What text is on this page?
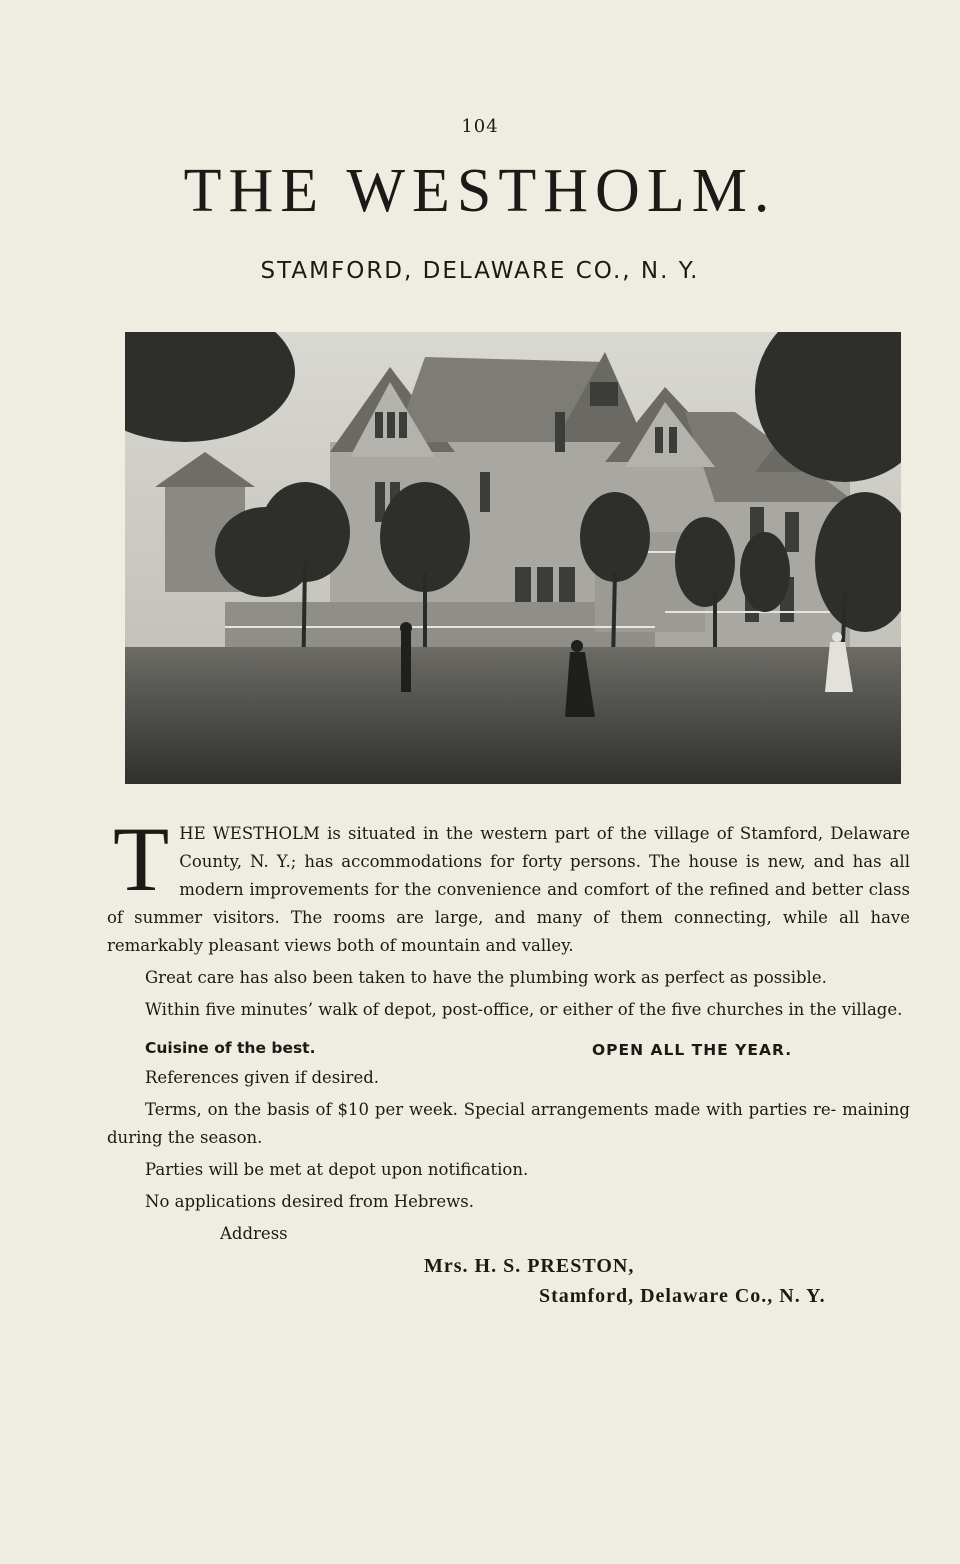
104
THE WESTHOLM.
STAMFORD, DELAWARE CO., N. Y.

THE WESTHOLM is situated in the western part of the village of Stamford, Delaware County, N. Y.; has accommodations for forty persons. The house is new, and has all modern improvements for the convenience and comfort of the refined and better class of summer visitors. The rooms are large, and many of them connecting, while all have remarkably pleasant views both of mountain and valley.

Great care has also been taken to have the plumbing work as perfect as possible.

Within five minutes’ walk of depot, post-office, or either of the five churches in the village.

Cuisine of the best.	OPEN ALL THE YEAR.

References given if desired.

Terms, on the basis of $10 per week. Special arrangements made with parties re- maining during the season.

Parties will be met at depot upon notification.

No applications desired from Hebrews.

Address

Mrs. H. S. PRESTON,

Stamford, Delaware Co., N. Y.
